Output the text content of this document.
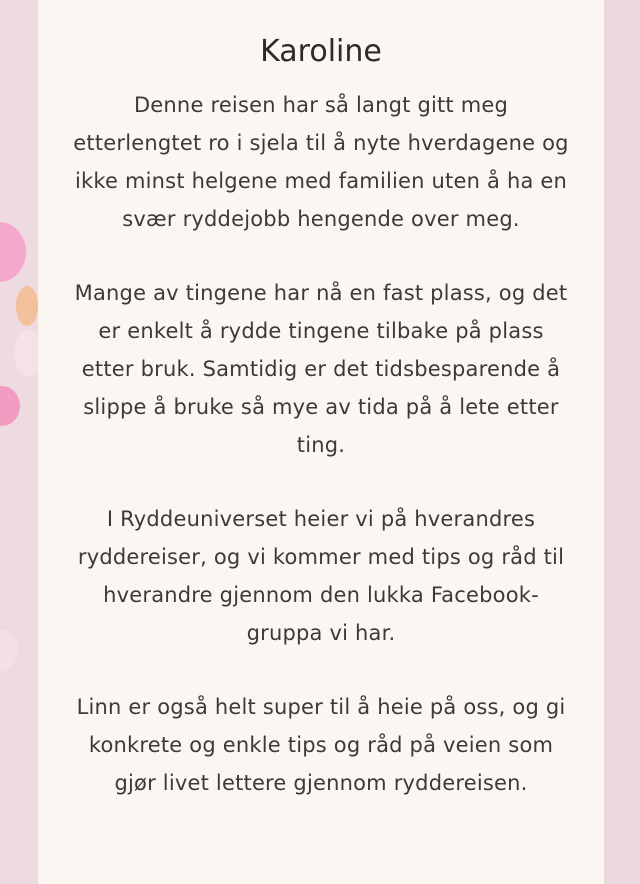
Karoline

Denne reisen har så langt gitt meg etterlengtet ro i sjela til å nyte hverdagene og ikke minst helgene med familien uten å ha en svær ryddejobb hengende over meg.

Mange av tingene har nå en fast plass, og det er enkelt å rydde tingene tilbake på plass etter bruk. Samtidig er det tidsbesparende å slippe å bruke så mye av tida på å lete etter ting.

I Ryddeuniverset heier vi på hverandres ryddereiser, og vi kommer med tips og råd til hverandre gjennom den lukka Facebook-gruppa vi har.

Linn er også helt super til å heie på oss, og gi konkrete og enkle tips og råd på veien som gjør livet lettere gjennom ryddereisen.
